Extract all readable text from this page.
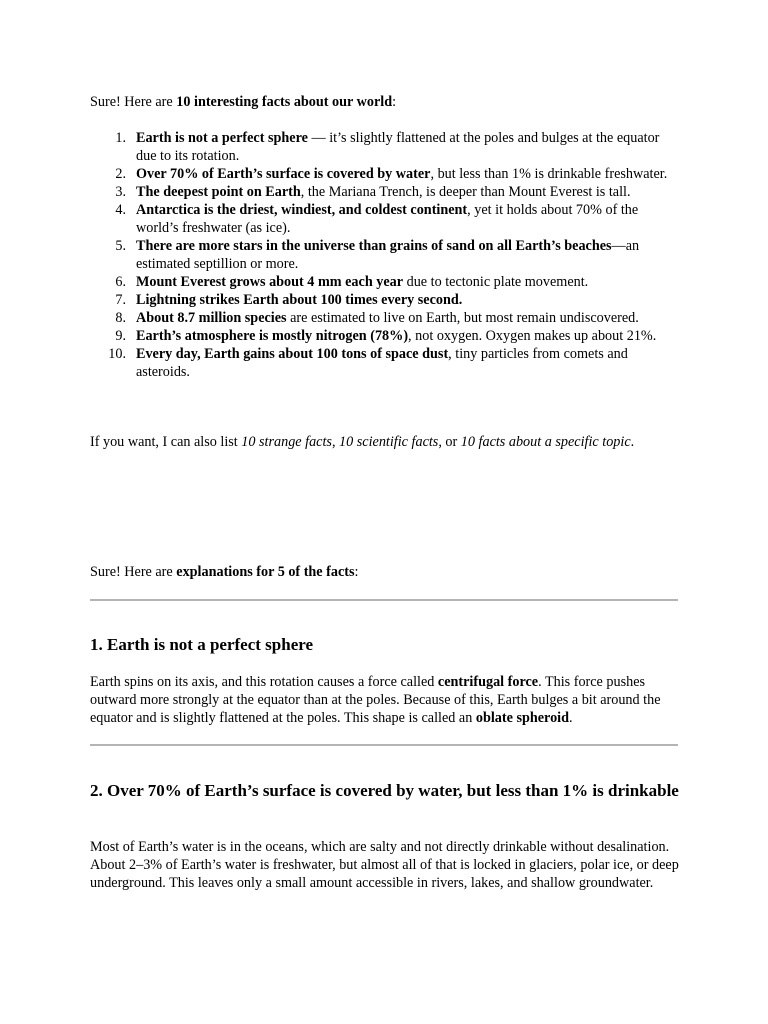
Sure! Here are 10 interesting facts about our world:

1. Earth is not a perfect sphere — it’s slightly flattened at the poles and bulges at the equator due to its rotation.
2. Over 70% of Earth’s surface is covered by water, but less than 1% is drinkable freshwater.
3. The deepest point on Earth, the Mariana Trench, is deeper than Mount Everest is tall.
4. Antarctica is the driest, windiest, and coldest continent, yet it holds about 70% of the world’s freshwater (as ice).
5. There are more stars in the universe than grains of sand on all Earth’s beaches—an estimated septillion or more.
6. Mount Everest grows about 4 mm each year due to tectonic plate movement.
7. Lightning strikes Earth about 100 times every second.
8. About 8.7 million species are estimated to live on Earth, but most remain undiscovered.
9. Earth’s atmosphere is mostly nitrogen (78%), not oxygen. Oxygen makes up about 21%.
10. Every day, Earth gains about 100 tons of space dust, tiny particles from comets and asteroids.

If you want, I can also list 10 strange facts, 10 scientific facts, or 10 facts about a specific topic.

Sure! Here are explanations for 5 of the facts:

1. Earth is not a perfect sphere

Earth spins on its axis, and this rotation causes a force called centrifugal force. This force pushes outward more strongly at the equator than at the poles. Because of this, Earth bulges a bit around the equator and is slightly flattened at the poles. This shape is called an oblate spheroid.

2. Over 70% of Earth’s surface is covered by water, but less than 1% is drinkable

Most of Earth’s water is in the oceans, which are salty and not directly drinkable without desalination. About 2–3% of Earth’s water is freshwater, but almost all of that is locked in glaciers, polar ice, or deep underground. This leaves only a small amount accessible in rivers, lakes, and shallow groundwater.
